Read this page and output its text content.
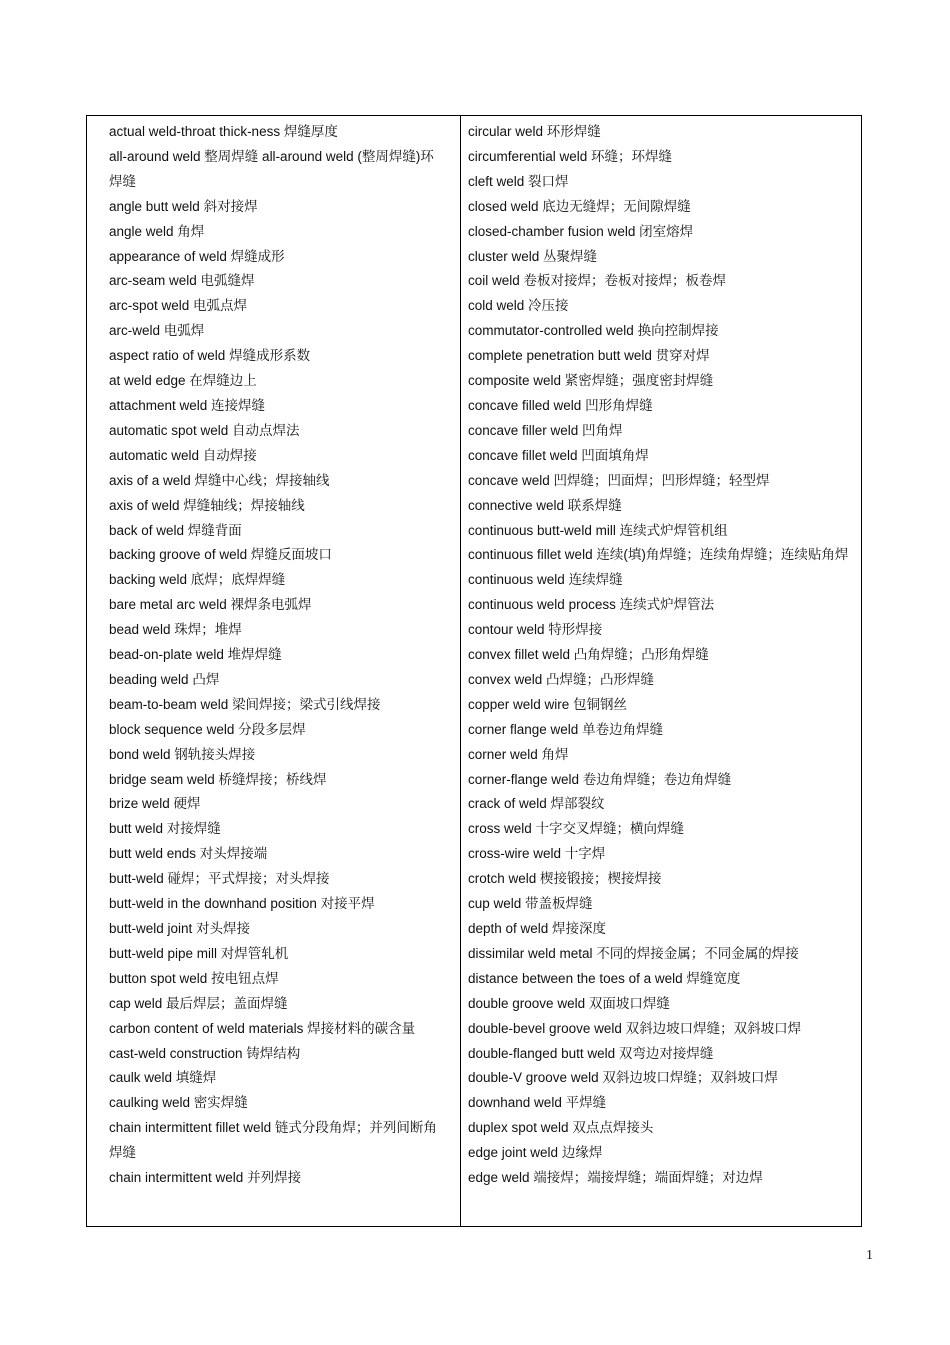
actual weld-throat thick-ness 焊缝厚度
all-around weld 整周焊缝 all-around weld (整周焊缝)环焊缝
angle butt weld 斜对接焊
angle weld 角焊
appearance of weld 焊缝成形
arc-seam weld 电弧缝焊
arc-spot weld 电弧点焊
arc-weld 电弧焊
aspect ratio of weld 焊缝成形系数
at weld edge 在焊缝边上
attachment weld 连接焊缝
automatic spot weld 自动点焊法
automatic weld 自动焊接
axis of a weld 焊缝中心线；焊接轴线
axis of weld 焊缝轴线；焊接轴线
back of weld 焊缝背面
backing groove of weld 焊缝反面坡口
backing weld 底焊；底焊焊缝
bare metal arc weld 裸焊条电弧焊
bead weld 珠焊；堆焊
bead-on-plate weld 堆焊焊缝
beading weld 凸焊
beam-to-beam weld 梁间焊接；梁式引线焊接
block sequence weld 分段多层焊
bond weld 钢轨接头焊接
bridge seam weld 桥缝焊接；桥线焊
brize weld 硬焊
butt weld 对接焊缝
butt weld ends 对头焊接端
butt-weld 碰焊；平式焊接；对头焊接
butt-weld in the downhand position 对接平焊
butt-weld joint 对头焊接
butt-weld pipe mill 对焊管轧机
button spot weld 按电钮点焊
cap weld 最后焊层；盖面焊缝
carbon content of weld materials 焊接材料的碳含量
cast-weld construction 铸焊结构
caulk weld 填缝焊
caulking weld 密实焊缝
chain intermittent fillet weld 链式分段角焊；并列间断角焊缝
chain intermittent weld 并列焊接
circular weld 环形焊缝
circumferential weld 环缝；环焊缝
cleft weld 裂口焊
closed weld 底边无缝焊；无间隙焊缝
closed-chamber fusion weld 闭室熔焊
cluster weld 丛聚焊缝
coil weld 卷板对接焊；卷板对接焊；板卷焊
cold weld 冷压接
commutator-controlled weld 换向控制焊接
complete penetration butt weld 贯穿对焊
composite weld 紧密焊缝；强度密封焊缝
concave filled weld 凹形角焊缝
concave filler weld 凹角焊
concave fillet weld 凹面填角焊
concave weld 凹焊缝；凹面焊；凹形焊缝；轻型焊
connective weld 联系焊缝
continuous butt-weld mill 连续式炉焊管机组
continuous fillet weld 连续(填)角焊缝；连续角焊缝；连续贴角焊
continuous weld 连续焊缝
continuous weld process 连续式炉焊管法
contour weld 特形焊接
convex fillet weld 凸角焊缝；凸形角焊缝
convex weld 凸焊缝；凸形焊缝
copper weld wire 包铜钢丝
corner flange weld 单卷边角焊缝
corner weld 角焊
corner-flange weld 卷边角焊缝；卷边角焊缝
crack of weld 焊部裂纹
cross weld 十字交叉焊缝；横向焊缝
cross-wire weld 十字焊
crotch weld 楔接锻接；楔接焊接
cup weld 带盖板焊缝
depth of weld 焊接深度
dissimilar weld metal 不同的焊接金属；不同金属的焊接
distance between the toes of a weld 焊缝宽度
double groove weld 双面坡口焊缝
double-bevel groove weld 双斜边坡口焊缝；双斜坡口焊
double-flanged butt weld 双弯边对接焊缝
double-V groove weld 双斜边坡口焊缝；双斜坡口焊
downhand weld 平焊缝
duplex spot weld 双点点焊接头
edge joint weld 边缘焊
edge weld 端接焊；端接焊缝；端面焊缝；对边焊
1
